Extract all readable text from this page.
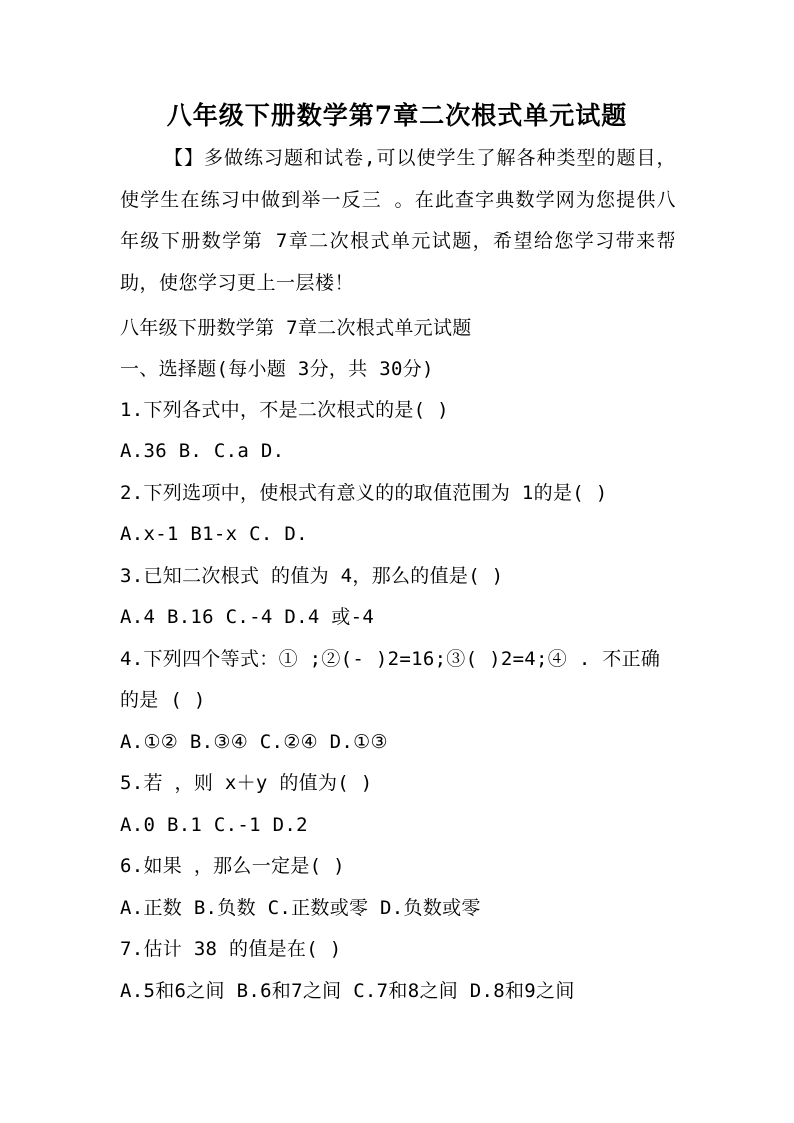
八年级下册数学第7章二次根式单元试题
【】多做练习题和试卷,可以使学生了解各种类型的题目，使学生在练习中做到举一反三 。在此查字典数学网为您提供八年级下册数学第 7章二次根式单元试题，希望给您学习带来帮助，使您学习更上一层楼！
八年级下册数学第 7章二次根式单元试题
一、选择题(每小题 3分，共 30分)
1.下列各式中，不是二次根式的是( )
A.36 B. C.a D.
2.下列选项中，使根式有意义的的取值范围为 1的是( )
A.x-1 B1-x C. D.
3.已知二次根式 的值为 4，那么的值是( )
A.4 B.16 C.-4 D.4 或-4
4.下列四个等式：① ;②(- )2=16;③( )2=4;④ . 不正确
的是 ( )
A.①② B.③④ C.②④ D.①③
5.若 ，则 x＋y 的值为( )
A.0 B.1 C.-1 D.2
6.如果 ，那么一定是( )
A.正数 B.负数 C.正数或零 D.负数或零
7.估计 38 的值是在( )
A.5和6之间 B.6和7之间 C.7和8之间 D.8和9之间
